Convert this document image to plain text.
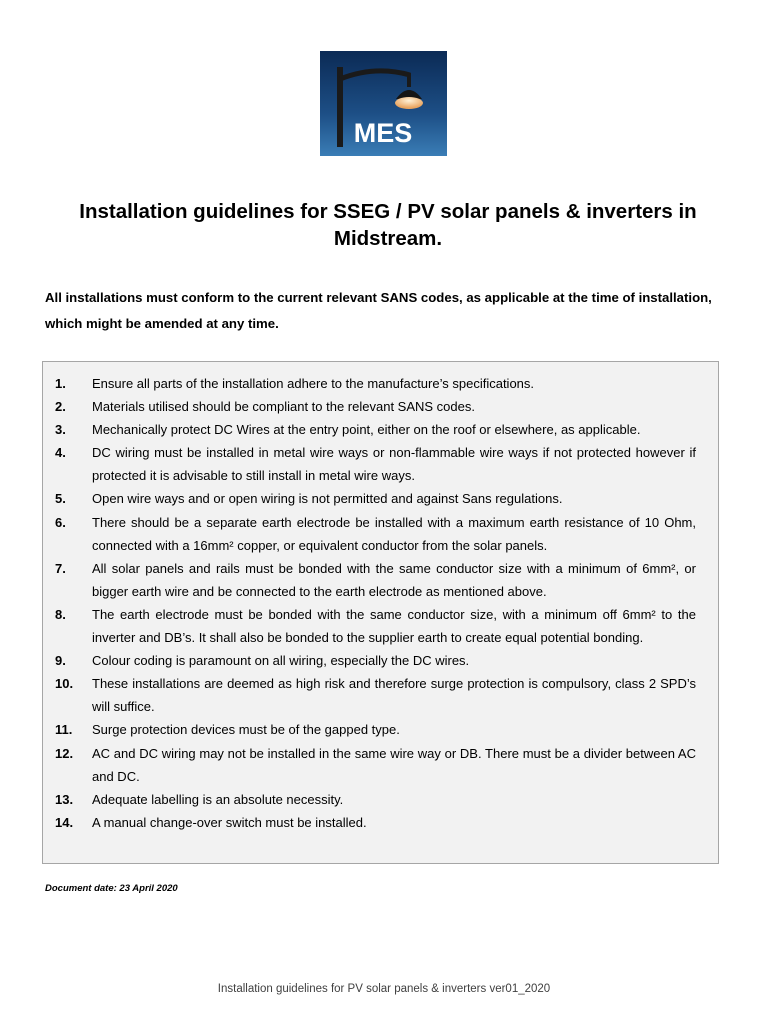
MES
Installation guidelines for SSEG / PV solar panels & inverters in Midstream.
All installations must conform to the current relevant SANS codes, as applicable at the time of installation, which might be amended at any time.
1.	Ensure all parts of the installation adhere to the manufacture’s specifications.
2.	Materials utilised should be compliant to the relevant SANS codes.
3.	Mechanically protect DC Wires at the entry point, either on the roof or elsewhere, as applicable.
4.	DC wiring must be installed in metal wire ways or non-flammable wire ways if not protected however if protected it is advisable to still install in metal wire ways.
5.	Open wire ways and or open wiring is not permitted and against Sans regulations.
6.	There should be a separate earth electrode be installed with a maximum earth resistance of 10 Ohm, connected with a 16mm² copper, or equivalent conductor from the solar panels.
7.	All solar panels and rails must be bonded with the same conductor size with a minimum of 6mm², or bigger earth wire and be connected to the earth electrode as mentioned above.
8.	The earth electrode must be bonded with the same conductor size, with a minimum off 6mm² to the inverter and DB’s. It shall also be bonded to the supplier earth to create equal potential bonding.
9.	Colour coding is paramount on all wiring, especially the DC wires.
10.	These installations are deemed as high risk and therefore surge protection is compulsory, class 2 SPD’s will suffice.
11.	Surge protection devices must be of the gapped type.
12.	AC and DC wiring may not be installed in the same wire way or DB. There must be a divider between AC and DC.
13.	Adequate labelling is an absolute necessity.
14.	A manual change-over switch must be installed.
Document date: 23 April 2020
Installation guidelines for PV solar panels & inverters ver01_2020
